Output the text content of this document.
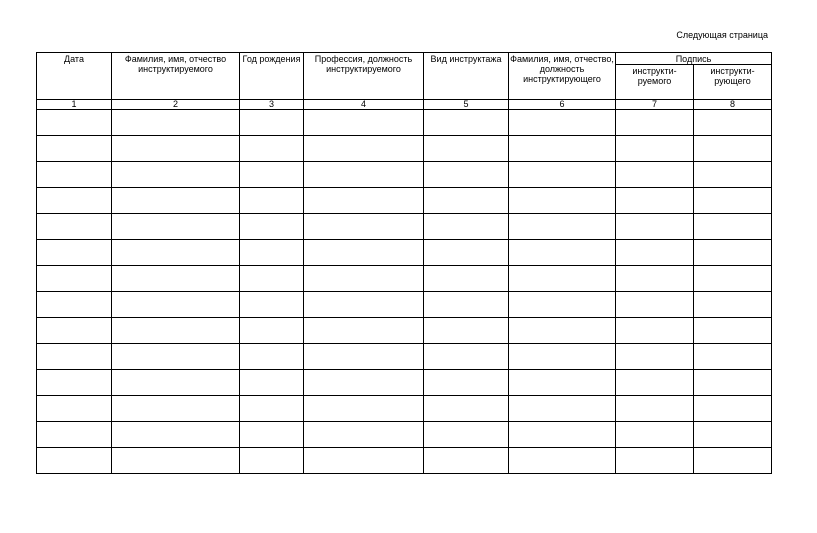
Следующая страница
Дата	Фамилия, имя, отчество инструктируемого	Год рождения	Профессия, должность инструктируемого	Вид инструктажа	Фамилия, имя, отчество, должность инструктирующего	Подпись	
						инструкти-руемого	инструкти-рующего
1	2	3	4	5	6	7	8
